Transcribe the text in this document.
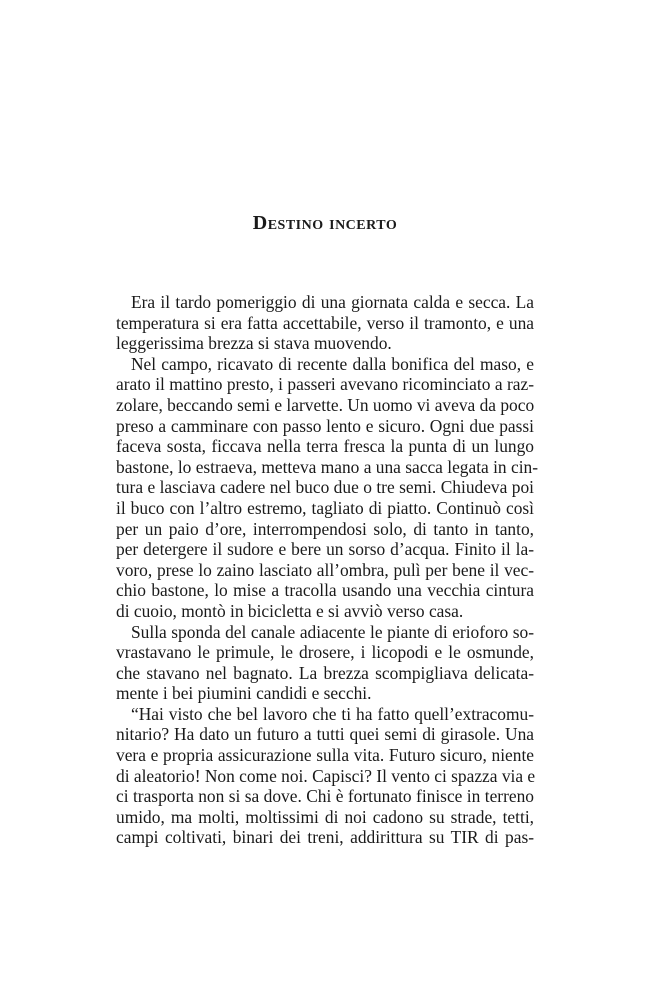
Destino incerto
Era il tardo pomeriggio di una giornata calda e secca. La
temperatura si era fatta accettabile, verso il tramonto, e una
leggerissima brezza si stava muovendo.
Nel campo, ricavato di recente dalla bonifica del maso, e
arato il mattino presto, i passeri avevano ricominciato a raz-
zolare, beccando semi e larvette. Un uomo vi aveva da poco
preso a camminare con passo lento e sicuro. Ogni due passi
faceva sosta, ficcava nella terra fresca la punta di un lungo
bastone, lo estraeva, metteva mano a una sacca legata in cin-
tura e lasciava cadere nel buco due o tre semi. Chiudeva poi
il buco con l’altro estremo, tagliato di piatto. Continuò così
per un paio d’ore, interrompendosi solo, di tanto in tanto,
per detergere il sudore e bere un sorso d’acqua. Finito il la-
voro, prese lo zaino lasciato all’ombra, pulì per bene il vec-
chio bastone, lo mise a tracolla usando una vecchia cintura
di cuoio, montò in bicicletta e si avviò verso casa.
Sulla sponda del canale adiacente le piante di erioforo so-
vrastavano le primule, le drosere, i licopodi e le osmunde,
che stavano nel bagnato. La brezza scompigliava delicata-
mente i bei piumini candidi e secchi.
“Hai visto che bel lavoro che ti ha fatto quell’extracomu-
nitario? Ha dato un futuro a tutti quei semi di girasole. Una
vera e propria assicurazione sulla vita. Futuro sicuro, niente
di aleatorio! Non come noi. Capisci? Il vento ci spazza via e
ci trasporta non si sa dove. Chi è fortunato finisce in terreno
umido, ma molti, moltissimi di noi cadono su strade, tetti,
campi coltivati, binari dei treni, addirittura su TIR di pas-
